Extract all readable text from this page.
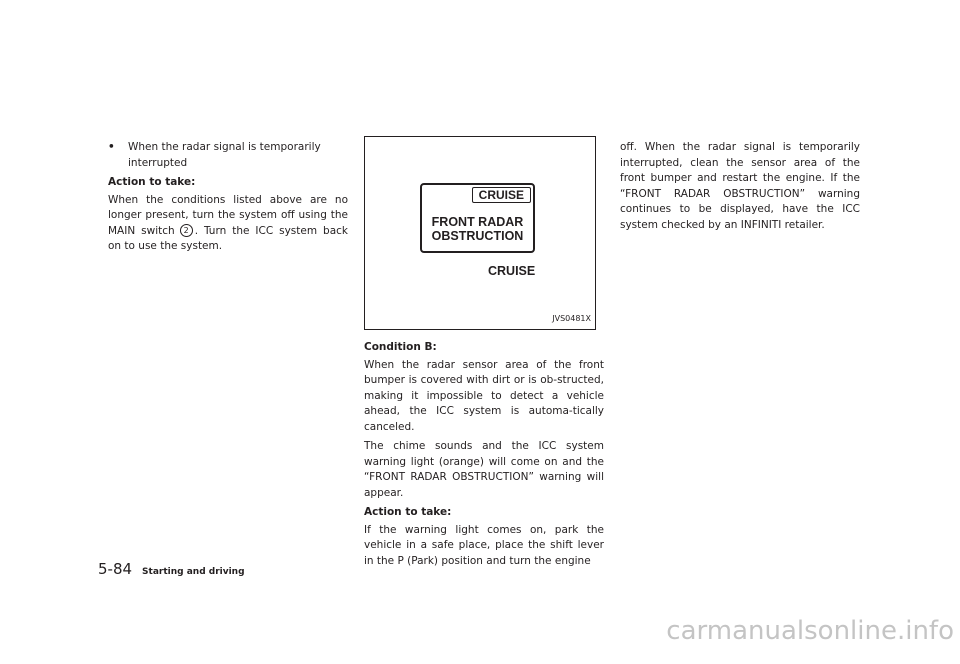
• When the radar signal is temporarily interrupted

Action to take:

When the conditions listed above are no longer present, turn the system off using the MAIN switch 2 . Turn the ICC system back on to use the system.

CRUISE
FRONT RADAR
OBSTRUCTION
CRUISE
JVS0481X

Condition B:

When the radar sensor area of the front bumper is covered with dirt or is ob-structed, making it impossible to detect a vehicle ahead, the ICC system is automa-tically canceled.

The chime sounds and the ICC system warning light (orange) will come on and the “FRONT RADAR OBSTRUCTION” warning will appear.

Action to take:

If the warning light comes on, park the vehicle in a safe place, place the shift lever in the P (Park) position and turn the engine

off. When the radar signal is temporarily interrupted, clean the sensor area of the front bumper and restart the engine. If the “FRONT RADAR OBSTRUCTION” warning continues to be displayed, have the ICC system checked by an INFINITI retailer.

5-84 Starting and driving
carmanualsonline.info
